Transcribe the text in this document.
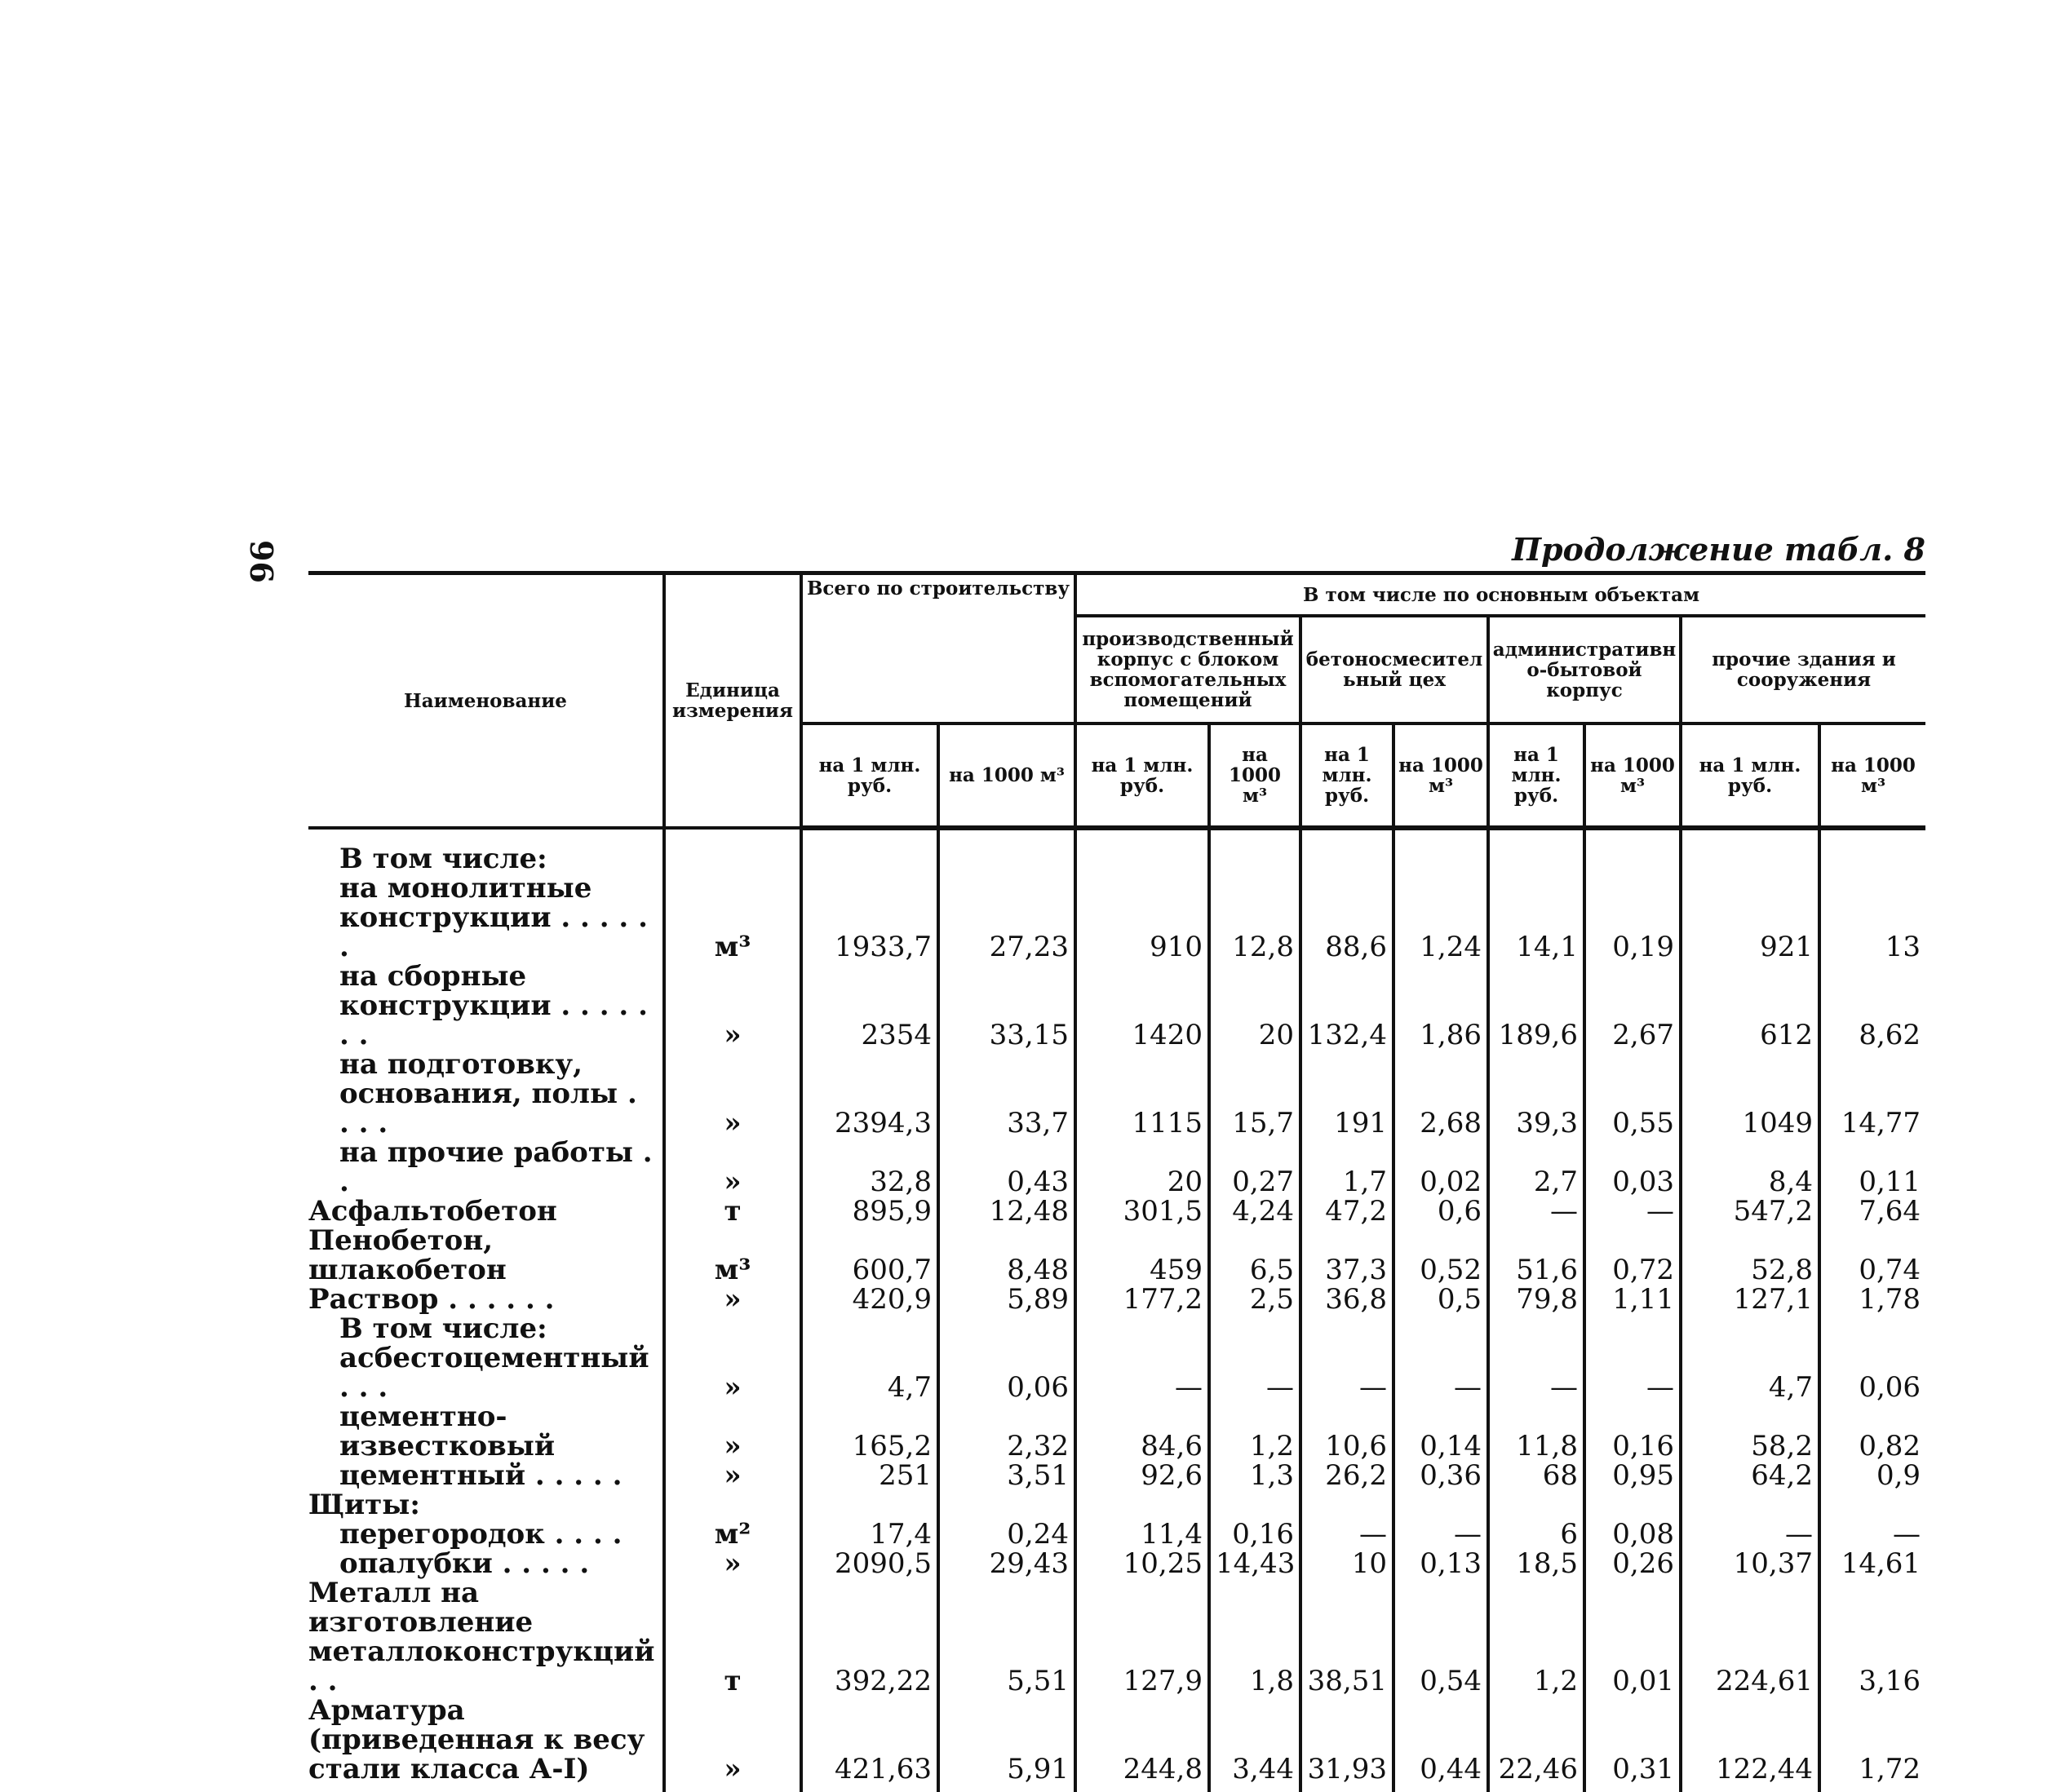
96	Продолжение табл. 8
Наименование	Единица измерения	Всего по строительству		В том числе по основным объектам							
				производственный корпус с блоком вспомогательных помещений		бетоносмесительный цех		административно-бытовой корпус		прочие здания и сооружения	
		на 1 млн. руб.	на 1000 м³	на 1 млн. руб.	на 1000 м³	на 1 млн. руб.	на 1000 м³	на 1 млн. руб.	на 1000 м³	на 1 млн. руб.	на 1000 м³
В том числе:											
на монолитные конструкции . . . . . .	м³	1933,7	27,23	910	12,8	88,6	1,24	14,1	0,19	921	13
на сборные конструкции . . . . . . .	»	2354	33,15	1420	20	132,4	1,86	189,6	2,67	612	8,62
на подготовку, основания, полы . . . .	»	2394,3	33,7	1115	15,7	191	2,68	39,3	0,55	1049	14,77
на прочие работы . .	»	32,8	0,43	20	0,27	1,7	0,02	2,7	0,03	8,4	0,11
Асфальтобетон	т	895,9	12,48	301,5	4,24	47,2	0,6	—	—	547,2	7,64
Пенобетон, шлакобетон	м³	600,7	8,48	459	6,5	37,3	0,52	51,6	0,72	52,8	0,74
Раствор . . . . . .	»	420,9	5,89	177,2	2,5	36,8	0,5	79,8	1,11	127,1	1,78
В том числе:											
асбестоцементный . . .	»	4,7	0,06	—	—	—	—	—	—	4,7	0,06
цементно-известковый	»	165,2	2,32	84,6	1,2	10,6	0,14	11,8	0,16	58,2	0,82
цементный . . . . .	»	251	3,51	92,6	1,3	26,2	0,36	68	0,95	64,2	0,9
Щиты:											
перегородок . . . .	м²	17,4	0,24	11,4	0,16	—	—	6	0,08	—	—
опалубки . . . . .	»	2090,5	29,43	10,25	14,43	10	0,13	18,5	0,26	10,37	14,61
Металл на изготовление металлоконструкций . .	т	392,22	5,51	127,9	1,8	38,51	0,54	1,2	0,01	224,61	3,16
Арматура (приведенная к весу стали класса А-I)	»	421,63	5,91	244,8	3,44	31,93	0,44	22,46	0,31	122,44	1,72
